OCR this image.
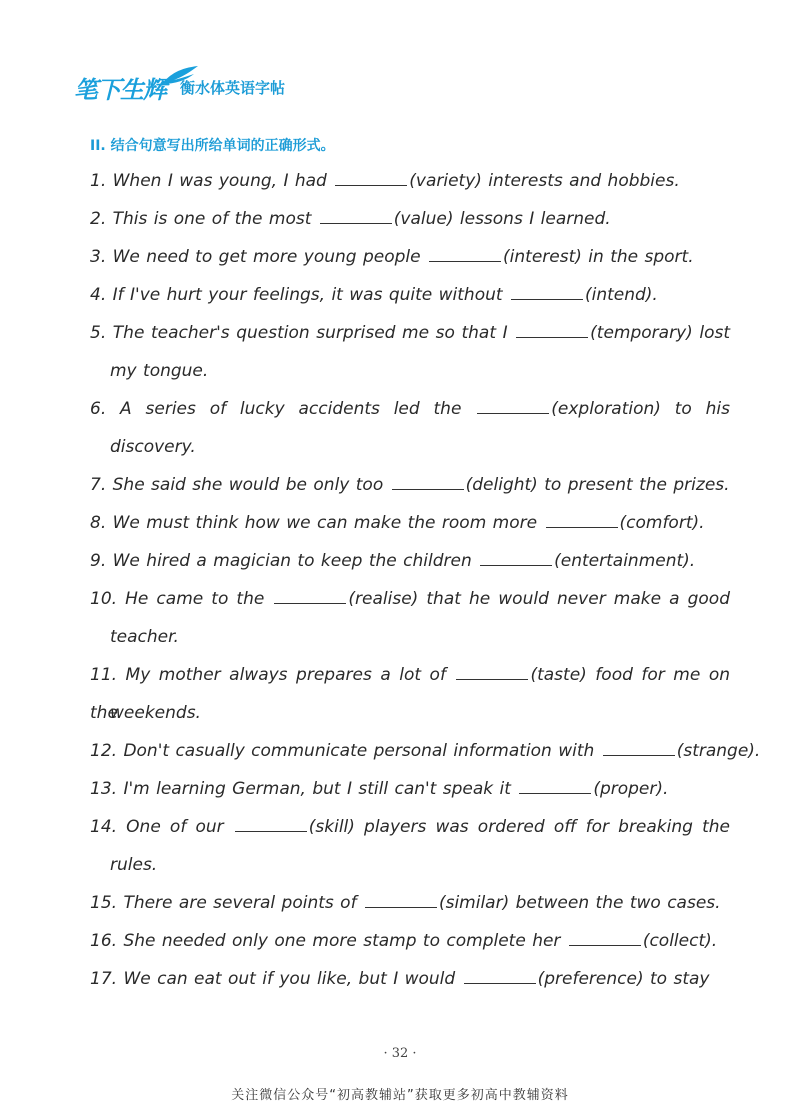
笔下生辉 衡水体英语字帖
II. 结合句意写出所给单词的正确形式。
1. When I was young, I had	(variety) interests and hobbies.
2. This is one of the most	(value) lessons I learned.
3. We need to get more young people	(interest) in the sport.
4. If I've hurt your feelings, it was quite without	(intend).
5. The teacher's question surprised me so that I	(temporary) lost
my tongue.
6. A series of lucky accidents led the	(exploration) to his
discovery.
7. She said she would be only too	(delight) to present the prizes.
8. We must think how we can make the room more	(comfort).
9. We hired a magician to keep the children	(entertainment).
10. He came to the	(realise) that he would never make a good
teacher.
11. My mother always prepares a lot of	(taste) food for me on the
weekends.
12. Don't casually communicate personal information with	(strange).
13. I'm learning German, but I still can't speak it	(proper).
14. One of our	(skill) players was ordered off for breaking the
rules.
15. There are several points of	(similar) between the two cases.
16. She needed only one more stamp to complete her	(collect).
17. We can eat out if you like, but I would	(preference) to stay
· 32 ·
关注微信公众号“初高教辅站”获取更多初高中教辅资料
